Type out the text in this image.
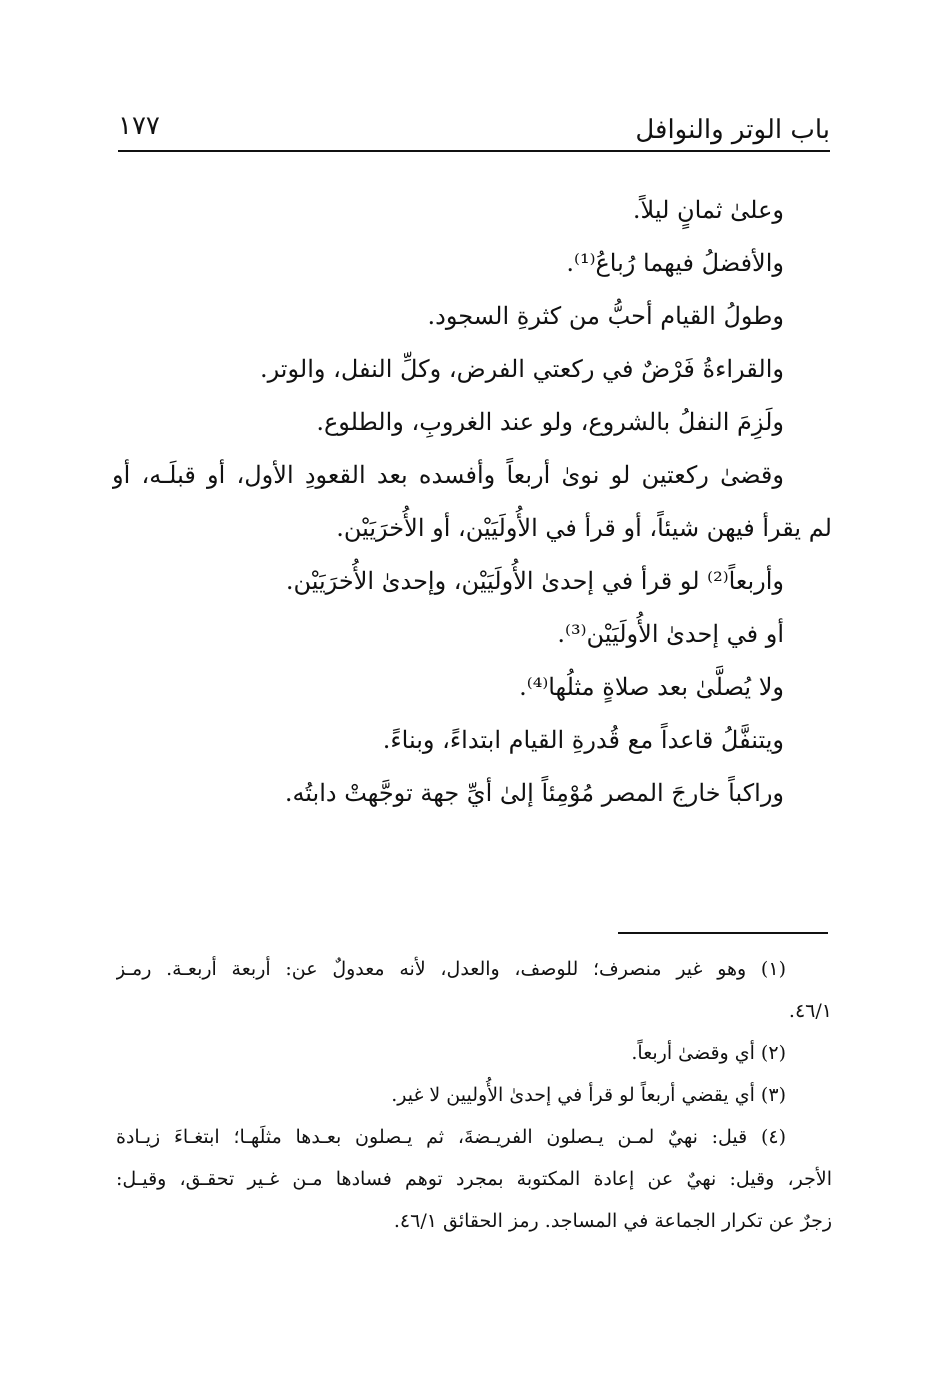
باب الوتر والنوافل
١٧٧
وعلىٰ ثمانٍ ليلاً.
والأفضلُ فيهما رُباعُ⁽¹⁾.
وطولُ القيام أحبُّ من كثرةِ السجود.
والقراءةُ فَرْضٌ في ركعتي الفرض، وكلِّ النفل، والوتر.
ولَزِمَ النفلُ بالشروع، ولو عند الغروبِ، والطلوع.
وقضىٰ ركعتين لو نوىٰ أربعاً وأفسده بعد القعودِ الأول، أو قبلَـه، أو
لم يقرأ فيهن شيئاً، أو قرأ في الأُولَيَيْن، أو الأُخرَيَيْن.
وأربعاً⁽²⁾ لو قرأ في إحدىٰ الأُولَيَيْن، وإحدىٰ الأُخرَيَيْن.
أو في إحدىٰ الأُولَيَيْن⁽³⁾.
ولا يُصلَّىٰ بعد صلاةٍ مثلُها⁽⁴⁾.
ويتنفَّلُ قاعداً مع قُدرةِ القيام ابتداءً، وبناءً.
وراكباً خارجَ المصر مُوْمِئاً إلىٰ أيِّ جهة توجَّهتْ دابتُه.
(١) وهو غير منصرف؛ للوصف، والعدل، لأنه معدولٌ عن: أربعة أربعـة. رمـز
٤٦/١.
(٢) أي وقضىٰ أربعاً.
(٣) أي يقضي أربعاً لو قرأ في إحدىٰ الأُوليين لا غير.
(٤) قيل: نهيٌ لمـن يـصلون الفريـضةَ، ثم يـصلون بعـدها مثلَهـا؛ ابتغـاءَ زيـادة
الأجر، وقيل: نهيٌ عن إعادة المكتوبة بمجرد توهم فسادها مـن غـير تحقـق، وقيـل:
زجرٌ عن تكرار الجماعة في المساجد. رمز الحقائق ٤٦/١.
